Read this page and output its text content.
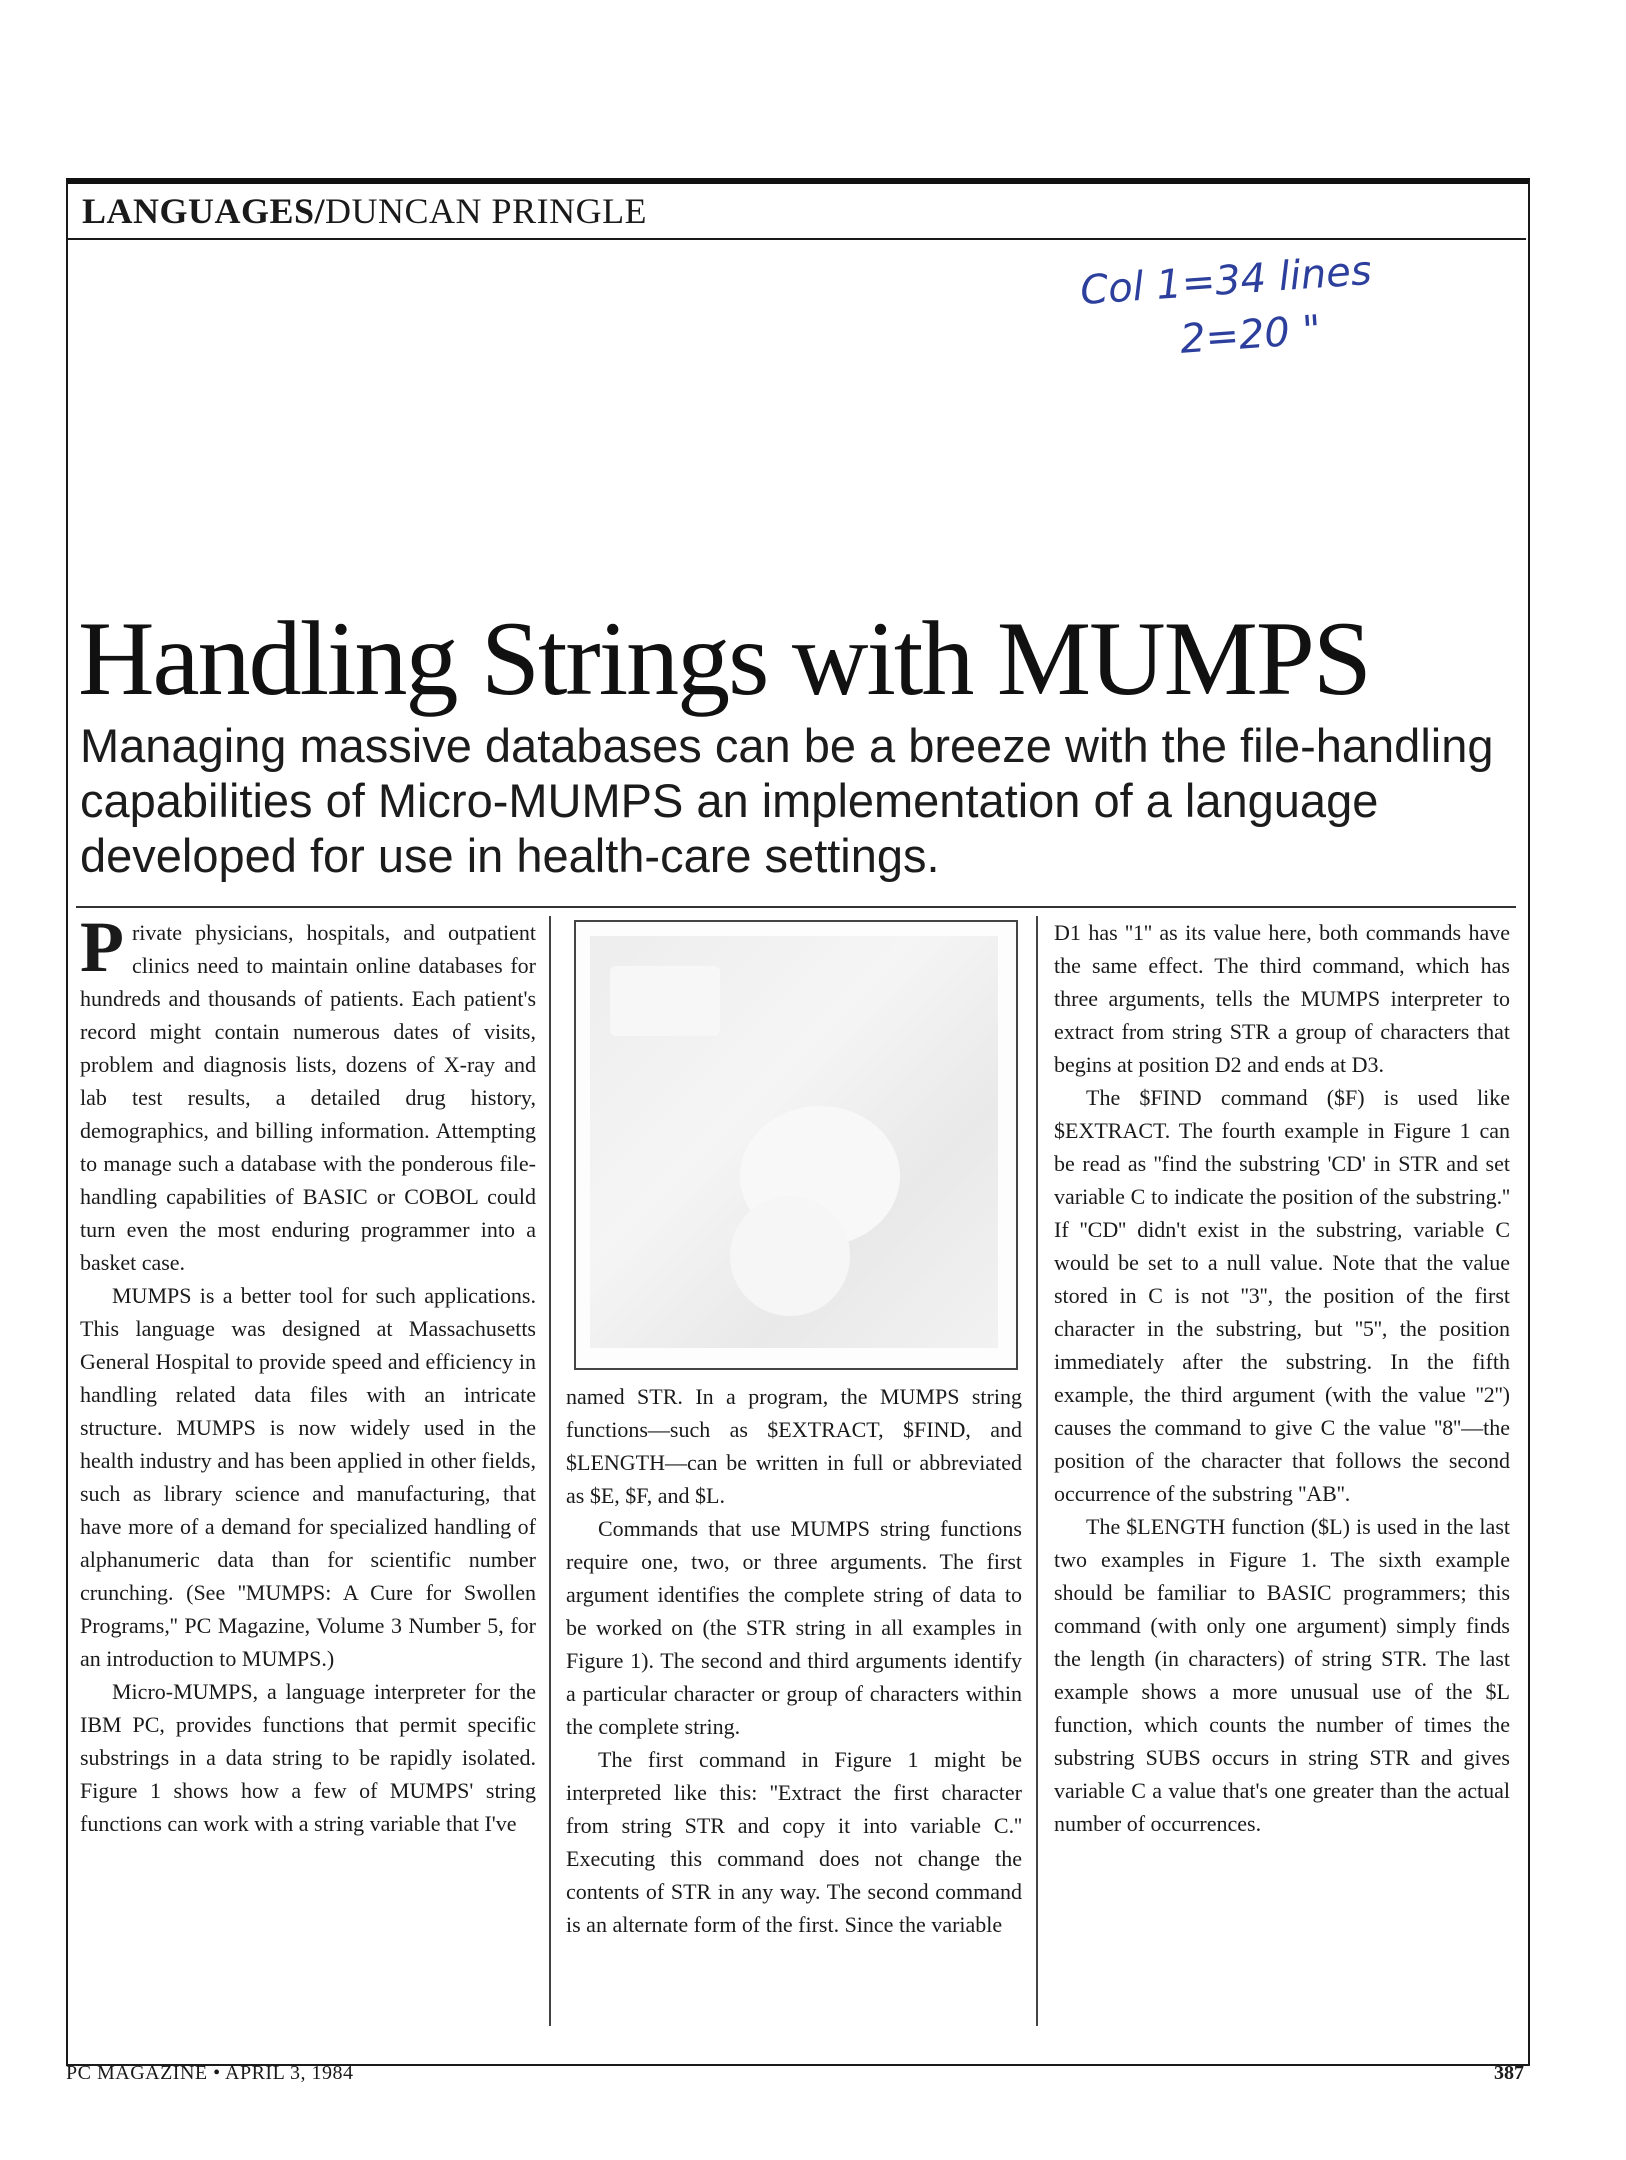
LANGUAGES/DUNCAN PRINGLE
Col 1=34 lines
2=20 "
Handling Strings with MUMPS
Managing massive databases can be a breeze with the file-handling capabilities of Micro-MUMPS an implementation of a language developed for use in health-care settings.

Private physicians, hospitals, and outpatient clinics need to maintain online databases for hundreds and thousands of patients. Each patient's record might contain numerous dates of visits, problem and diagnosis lists, dozens of X-ray and lab test results, a detailed drug history, demographics, and billing information. Attempting to manage such a database with the ponderous file-handling capabilities of BASIC or COBOL could turn even the most enduring programmer into a basket case.

MUMPS is a better tool for such applications. This language was designed at Massachusetts General Hospital to provide speed and efficiency in handling related data files with an intricate structure. MUMPS is now widely used in the health industry and has been applied in other fields, such as library science and manufacturing, that have more of a demand for specialized handling of alphanumeric data than for scientific number crunching. (See ''MUMPS: A Cure for Swollen Programs,'' PC Magazine, Volume 3 Number 5, for an introduction to MUMPS.)

Micro-MUMPS, a language interpreter for the IBM PC, provides functions that permit specific substrings in a data string to be rapidly isolated. Figure 1 shows how a few of MUMPS' string functions can work with a string variable that I've

named STR. In a program, the MUMPS string functions—such as $EXTRACT, $FIND, and $LENGTH—can be written in full or abbreviated as $E, $F, and $L.

Commands that use MUMPS string functions require one, two, or three arguments. The first argument identifies the complete string of data to be worked on (the STR string in all examples in Figure 1). The second and third arguments identify a particular character or group of characters within the complete string.

The first command in Figure 1 might be interpreted like this: ''Extract the first character from string STR and copy it into variable C.'' Executing this command does not change the contents of STR in any way. The second command is an alternate form of the first. Since the variable

D1 has ''1'' as its value here, both commands have the same effect. The third command, which has three arguments, tells the MUMPS interpreter to extract from string STR a group of characters that begins at position D2 and ends at D3.

The $FIND command ($F) is used like $EXTRACT. The fourth example in Figure 1 can be read as ''find the substring 'CD' in STR and set variable C to indicate the position of the substring.'' If ''CD'' didn't exist in the substring, variable C would be set to a null value. Note that the value stored in C is not ''3'', the position of the first character in the substring, but ''5'', the position immediately after the substring. In the fifth example, the third argument (with the value ''2'') causes the command to give C the value ''8''—the position of the character that follows the second occurrence of the substring ''AB''.

The $LENGTH function ($L) is used in the last two examples in Figure 1. The sixth example should be familiar to BASIC programmers; this command (with only one argument) simply finds the length (in characters) of string STR. The last example shows a more unusual use of the $L function, which counts the number of times the substring SUBS occurs in string STR and gives variable C a value that's one greater than the actual number of occurrences.

PC MAGAZINE • APRIL 3, 1984	387
